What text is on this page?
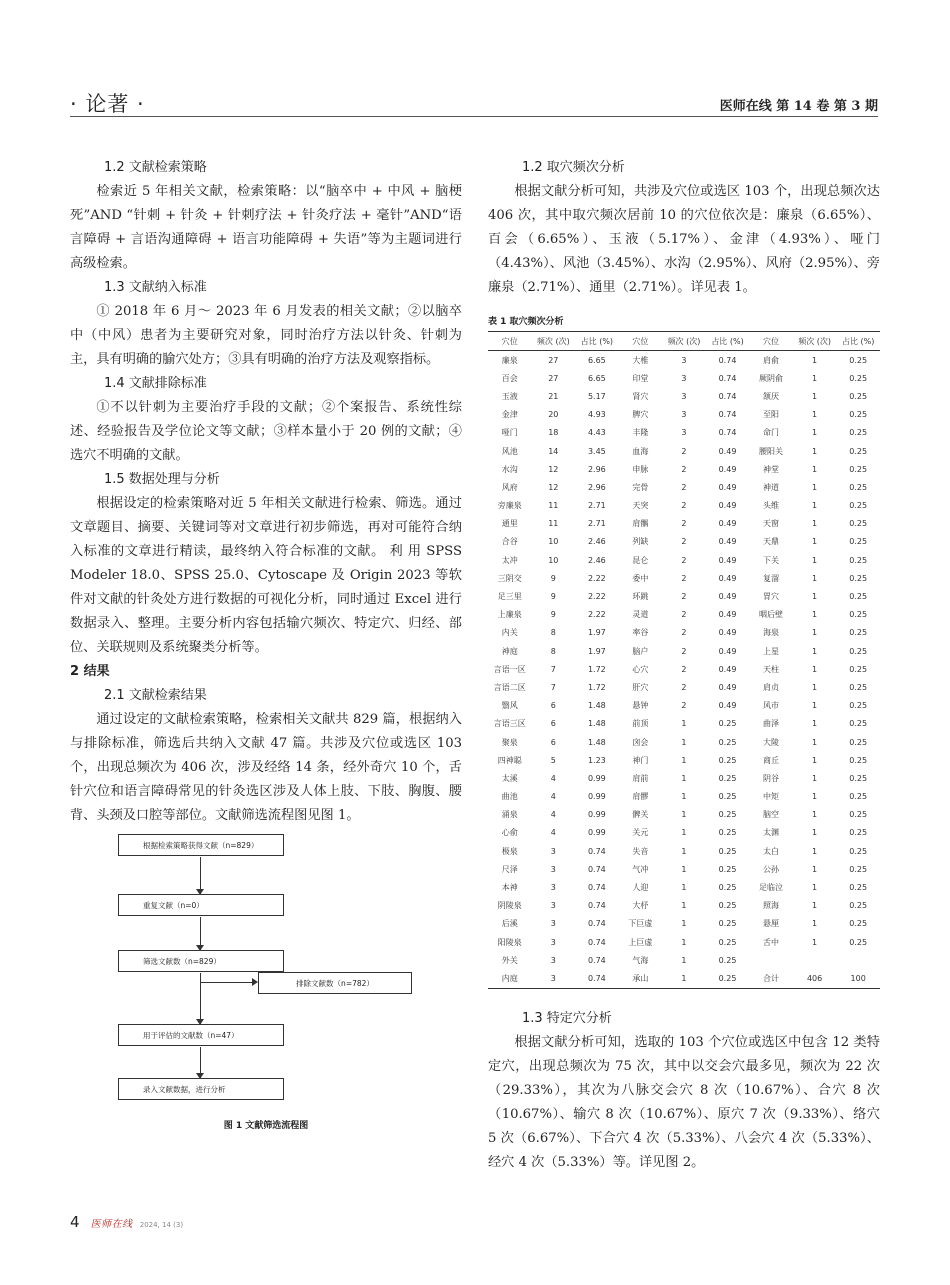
· 论著 ·	医师在线 第 14 卷 第 3 期

1.2 文献检索策略

检索近 5 年相关文献，检索策略：以“脑卒中 + 中风 + 脑梗死”AND “针刺 + 针灸 + 针刺疗法 + 针灸疗法 + 毫针”AND“语言障碍 + 言语沟通障碍 + 语言功能障碍 + 失语”等为主题词进行高级检索。

1.3 文献纳入标准

① 2018 年 6 月～ 2023 年 6 月发表的相关文献；②以脑卒中（中风）患者为主要研究对象，同时治疗方法以针灸、针刺为主，具有明确的腧穴处方；③具有明确的治疗方法及观察指标。

1.4 文献排除标准

①不以针刺为主要治疗手段的文献；②个案报告、系统性综述、经验报告及学位论文等文献；③样本量小于 20 例的文献；④选穴不明确的文献。

1.5 数据处理与分析

根据设定的检索策略对近 5 年相关文献进行检索、筛选。通过文章题目、摘要、关键词等对文章进行初步筛选，再对可能符合纳入标准的文章进行精读，最终纳入符合标准的文献。 利 用 SPSS Modeler 18.0、SPSS 25.0、Cytoscape 及 Origin 2023 等软件对文献的针灸处方进行数据的可视化分析，同时通过 Excel 进行数据录入、整理。主要分析内容包括输穴频次、特定穴、归经、部位、关联规则及系统聚类分析等。

2 结果

2.1 文献检索结果

通过设定的文献检索策略，检索相关文献共 829 篇，根据纳入与排除标准，筛选后共纳入文献 47 篇。共涉及穴位或选区 103 个，出现总频次为 406 次，涉及经络 14 条，经外奇穴 10 个，舌针穴位和语言障碍常见的针灸选区涉及人体上肢、下肢、胸腹、腰背、头颈及口腔等部位。文献筛选流程图见图 1。

根据检索策略获得文献（n=829）
重复文献（n=0）
筛选文献数（n=829）
排除文献数（n=782）
用于评估的文献数（n=47）
录入文献数据，进行分析
图 1 文献筛选流程图

1.2 取穴频次分析

根据文献分析可知，共涉及穴位或选区 103 个，出现总频次达 406 次，其中取穴频次居前 10 的穴位依次是：廉泉（6.65%）、百会（6.65%）、玉液（5.17%）、金津（4.93%）、哑门（4.43%）、风池（3.45%）、水沟（2.95%）、风府（2.95%）、旁廉泉（2.71%）、通里（2.71%）。详见表 1。

表 1 取穴频次分析
穴位	频次 (次)	占比 (%)	穴位	频次 (次)	占比 (%)	穴位	频次 (次)	占比 (%)
廉泉	27	6.65	大椎	3	0.74	肩俞	1	0.25
百会	27	6.65	印堂	3	0.74	厥阴俞	1	0.25
玉液	21	5.17	肾穴	3	0.74	颔厌	1	0.25
金津	20	4.93	脾穴	3	0.74	至阳	1	0.25
哑门	18	4.43	丰隆	3	0.74	命门	1	0.25
风池	14	3.45	血海	2	0.49	腰阳关	1	0.25
水沟	12	2.96	申脉	2	0.49	神堂	1	0.25
风府	12	2.96	完骨	2	0.49	神道	1	0.25
旁廉泉	11	2.71	天突	2	0.49	头维	1	0.25
通里	11	2.71	肩髃	2	0.49	天窗	1	0.25
合谷	10	2.46	列缺	2	0.49	天鼎	1	0.25
太冲	10	2.46	昆仑	2	0.49	下关	1	0.25
三阴交	9	2.22	委中	2	0.49	复溜	1	0.25
足三里	9	2.22	环跳	2	0.49	胃穴	1	0.25
上廉泉	9	2.22	灵道	2	0.49	咽后壁	1	0.25
内关	8	1.97	率谷	2	0.49	海泉	1	0.25
神庭	8	1.97	脑户	2	0.49	上星	1	0.25
言语一区	7	1.72	心穴	2	0.49	天柱	1	0.25
言语二区	7	1.72	肝穴	2	0.49	肩贞	1	0.25
翳风	6	1.48	悬钟	2	0.49	风市	1	0.25
言语三区	6	1.48	前顶	1	0.25	曲泽	1	0.25
聚泉	6	1.48	囟会	1	0.25	大陵	1	0.25
四神聪	5	1.23	神门	1	0.25	商丘	1	0.25
太溪	4	0.99	肩前	1	0.25	阴谷	1	0.25
曲池	4	0.99	肩髎	1	0.25	中矩	1	0.25
涌泉	4	0.99	髀关	1	0.25	脑空	1	0.25
心俞	4	0.99	关元	1	0.25	太渊	1	0.25
极泉	3	0.74	失音	1	0.25	太白	1	0.25
尺泽	3	0.74	气冲	1	0.25	公孙	1	0.25
本神	3	0.74	人迎	1	0.25	足临泣	1	0.25
阴陵泉	3	0.74	大杼	1	0.25	照海	1	0.25
后溪	3	0.74	下巨虚	1	0.25	悬厘	1	0.25
阳陵泉	3	0.74	上巨虚	1	0.25	舌中	1	0.25
外关	3	0.74	气海	1	0.25			
内庭	3	0.74	承山	1	0.25	合计	406	100

1.3 特定穴分析

根据文献分析可知，选取的 103 个穴位或选区中包含 12 类特定穴，出现总频次为 75 次，其中以交会穴最多见，频次为 22 次（29.33%），其次为八脉交会穴 8 次（10.67%）、合穴 8 次（10.67%）、输穴 8 次（10.67%）、原穴 7 次（9.33%）、络穴 5 次（6.67%）、下合穴 4 次（5.33%）、八会穴 4 次（5.33%）、经穴 4 次（5.33%）等。详见图 2。

4 医师在线 2024, 14 (3)
